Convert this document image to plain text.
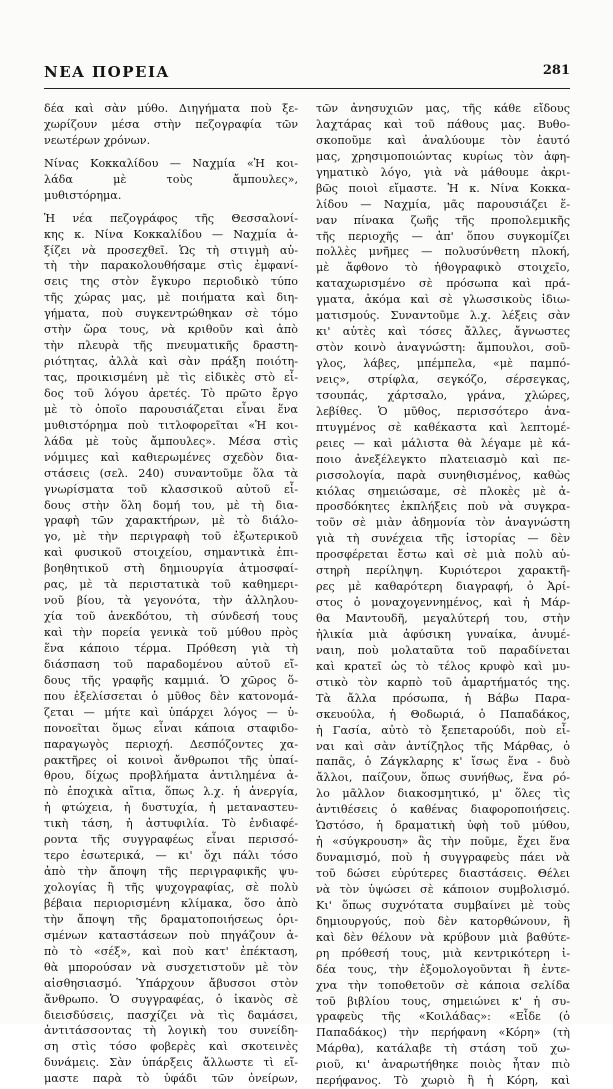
ΝΕΑ ΠΟΡΕΙΑ	281
δέα καὶ σὰν μύθο. Διηγήματα ποὺ ξε-
χωρίζουν μέσα στὴν πεζογραφία τῶν
νεωτέρων χρόνων.
Νίνας Κοκκαλίδου — Ναχμία «Ἡ κοι-
λάδα μὲ τοὺς ἄμπουλες»,
μυθιστόρημα.
Ἡ νέα πεζογράφος τῆς Θεσσαλονί-
κης κ. Νίνα Κοκκαλίδου — Ναχμία ἀ-
ξίζει νὰ προσεχθεῖ. Ὡς τὴ στιγμὴ αὐ-
τὴ τὴν παρακολουθήσαμε στὶς ἐμφανί-
σεις της στὸν ἔγκυρο περιοδικὸ τύπο
τῆς χώρας μας, μὲ ποιήματα καὶ διη-
γήματα, ποὺ συγκεντρώθηκαν σὲ τόμο
στὴν ὥρα τους, νὰ κριθοῦν καὶ ἀπὸ
τὴν πλευρὰ τῆς πνευματικῆς δραστη-
ριότητας, ἀλλὰ καὶ σὰν πράξη ποιότη-
τας, προικισμένη μὲ τὶς εἰδικὲς στὸ εἶ-
δος τοῦ λόγου ἀρετές. Τὸ πρῶτο ἔργο
μὲ τὸ ὁποῖο παρουσιάζεται εἶναι ἕνα
μυθιστόρημα ποὺ τιτλοφορεῖται «Ἡ κοι-
λάδα μὲ τοὺς ἄμπουλες». Μέσα στὶς
νόμιμες καὶ καθιερωμένες σχεδὸν δια-
στάσεις (σελ. 240) συναντοῦμε ὅλα τὰ
γνωρίσματα τοῦ κλασσικοῦ αὐτοῦ εἶ-
δους στὴν ὅλη δομή του, μὲ τὴ δια-
γραφὴ τῶν χαρακτήρων, μὲ τὸ διάλο-
γο, μὲ τὴν περιγραφὴ τοῦ ἐξωτερικοῦ
καὶ φυσικοῦ στοιχείου, σημαντικὰ ἐπι-
βοηθητικοῦ στὴ δημιουργία ἀτμοσφαί-
ρας, μὲ τὰ περιστατικὰ τοῦ καθημερι-
νοῦ βίου, τὰ γεγονότα, τὴν ἀλληλου-
χία τοῦ ἀνεκδότου, τὴ σύνδεσή τους
καὶ τὴν πορεία γενικὰ τοῦ μύθου πρὸς
ἕνα κάποιο τέρμα. Πρόθεση γιὰ τὴ
διάσπαση τοῦ παραδομένου αὐτοῦ εἴ-
δους τῆς γραφῆς καμμιά. Ὁ χῶρος ὅ-
που ἐξελίσσεται ὁ μῦθος δὲν κατονομά-
ζεται — μήτε καὶ ὑπάρχει λόγος — ὑ-
πονοεῖται ὅμως εἶναι κάποια σταφιδο-
παραγωγὸς περιοχή. Δεσπόζοντες χα-
ρακτῆρες οἱ κοινοὶ ἄνθρωποι τῆς ὑπαί-
θρου, δίχως προβλήματα ἀντιλημένα ἀ-
πὸ ἐποχικὰ αἴτια, ὅπως λ.χ. ἡ ἀνεργία,
ἡ φτώχεια, ἡ δυστυχία, ἡ μεταναστευ-
τικὴ τάση, ἡ ἀστυφιλία. Τὸ ἐνδιαφέ-
ροντα τῆς συγγραφέως εἶναι περισσό-
τερο ἐσωτερικά, — κι' ὄχι πάλι τόσο
ἀπὸ τὴν ἄποψη τῆς περιγραφικῆς ψυ-
χολογίας ἢ τῆς ψυχογραφίας, σὲ πολὺ
βέβαια περιορισμένη κλίμακα, ὅσο ἀπὸ
τὴν ἄποψη τῆς δραματοποιήσεως ὁρι-
σμένων καταστάσεων ποὺ πηγάζουν ἀ-
πὸ τὸ «σέξ», καὶ ποὺ κατ' ἐπέκταση,
θὰ μπορούσαν νὰ συσχετιστοῦν μὲ τὸν
αἰσθησιασμό. Ὑπάρχουν ἄβυσσοι στὸν
ἄνθρωπο. Ὁ συγγραφέας, ὁ ἱκανὸς σὲ
διεισδύσεις, πασχίζει νὰ τὶς δαμάσει,
ἀντιτάσσοντας τὴ λογικὴ του συνείδη-
ση στὶς τόσο φοβερὲς καὶ σκοτεινὲς
δυνάμεις. Σὰν ὑπάρξεις ἄλλωστε τὶ εἴ-
μαστε παρὰ τὸ ὑφάδι τῶν ὀνείρων,
τῶν ἀνησυχιῶν μας, τῆς κάθε εἴδους
λαχτάρας καὶ τοῦ πάθους μας. Βυθο-
σκοποῦμε καὶ ἀναλύουμε τὸν ἑαυτό
μας, χρησιμοποιώντας κυρίως τὸν ἀφη-
γηματικὸ λόγο, γιὰ νὰ μάθουμε ἀκρι-
βῶς ποιοὶ εἴμαστε. Ἡ κ. Νίνα Κοκκα-
λίδου — Ναχμία, μᾶς παρουσιάζει ἕ-
ναν πίνακα ζωῆς τῆς προπολεμικῆς
τῆς περιοχῆς — ἀπ' ὅπου συγκομίζει
πολλὲς μνῆμες — πολυσύνθετη πλοκή,
μὲ ἄφθονο τὸ ἠθογραφικὸ στοιχεῖο,
καταχωρισμένο σὲ πρόσωπα καὶ πρά-
γματα, ἀκόμα καὶ σὲ γλωσσικοὺς ἰδιω-
ματισμούς. Συναντοῦμε λ.χ. λέξεις σὰν
κι' αὐτὲς καὶ τόσες ἄλλες, ἄγνωστες
στὸν κοινὸ ἀναγνώστη: ἄμπουλοι, σοῦ-
γλος, λάβες, μπέμπελα, «μὲ παμπό-
νεις», στρίφλα, σεγκόζο, σέρσεγκας,
τσουπάς, χάρτσαλο, γράνα, χλώρες,
λεβίθες. Ὁ μῦθος, περισσότερο ἀνα-
πτυγμένος σὲ καθέκαστα καὶ λεπτομέ-
ρειες — καὶ μάλιστα θὰ λέγαμε μὲ κά-
ποιο ἀνεξέλεγκτο πλατειασμὸ καὶ πε-
ρισσολογία, παρὰ συνηθισμένος, καθὼς
κιόλας σημειώσαμε, σὲ πλοκὲς μὲ ἀ-
προσδόκητες ἐκπλήξεις ποὺ νὰ συγκρα-
τοῦν σὲ μιὰν ἀδημονία τὸν ἀναγνώστη
γιὰ τὴ συνέχεια τῆς ἱστορίας — δὲν
προσφέρεται ἔστω καὶ σὲ μιὰ πολὺ αὐ-
στηρὴ περίληψη. Κυριότεροι χαρακτῆ-
ρες μὲ καθαρότερη διαγραφή, ὁ Ἀρί-
στος ὁ μοναχογεννημένος, καὶ ἡ Μάρ-
θα Μαντουδῆ, μεγαλύτερή του, στὴν
ἡλικία μιὰ ἀφύσικη γυναίκα, ἀνυμέ-
ναιη, ποὺ μολαταῦτα τοῦ παραδίνεται
καὶ κρατεῖ ὡς τὸ τέλος κρυφὸ καὶ μυ-
στικὸ τὸν καρπὸ τοῦ ἁμαρτήματός της.
Τὰ ἄλλα πρόσωπα, ἡ Βάβω Παρα-
σκευούλα, ἡ Θοδωριά, ὁ Παπαδάκος,
ἡ Γασία, αὐτὸ τὸ ξεπεταρούδι, ποὺ εἶ-
ναι καὶ σὰν ἀντίζηλος τῆς Μάρθας, ὁ
παπᾶς, ὁ Ζάγκλαρης κ' ἴσως ἕνα - δυὸ
ἄλλοι, παίζουν, ὅπως συνήθως, ἕνα ρό-
λο μᾶλλον διακοσμητικό, μ' ὅλες τὶς
ἀντιθέσεις ὁ καθένας διαφοροποιήσεις.
Ὡστόσο, ἡ δραματικὴ ὑφὴ τοῦ μύθου,
ἡ «σύγκρουση» ἂς τὴν ποῦμε, ἔχει ἕνα
δυναμισμό, ποὺ ἡ συγγραφεὺς πάει νὰ
τοῦ δώσει εὐρύτερες διαστάσεις. Θέλει
νὰ τὸν ὑψώσει σὲ κάποιον συμβολισμό.
Κι' ὅπως συχνότατα συμβαίνει μὲ τοὺς
δημιουργούς, ποὺ δὲν κατορθώνουν, ἢ
καὶ δὲν θέλουν νὰ κρύβουν μιὰ βαθύτε-
ρη πρόθεσή τους, μιὰ κεντρικότερη ἰ-
δέα τους, τὴν ἐξομολογοῦνται ἢ ἐντε-
χνα τὴν τοποθετοῦν σὲ κάποια σελίδα
τοῦ βιβλίου τους, σημειώνει κ' ἡ συ-
γραφεὺς τῆς «Κοιλάδας»: «Εἶδε (ὁ
Παπαδάκος) τὴν περήφανη «Κόρη» (τὴ
Μάρθα), κατάλαβε τὴ στάση τοῦ χω-
ριοῦ, κι' ἀναρωτήθηκε ποιὸς ἦταν πιὸ
περήφανος. Τὸ χωριὸ ἢ ἡ Κόρη, καὶ
